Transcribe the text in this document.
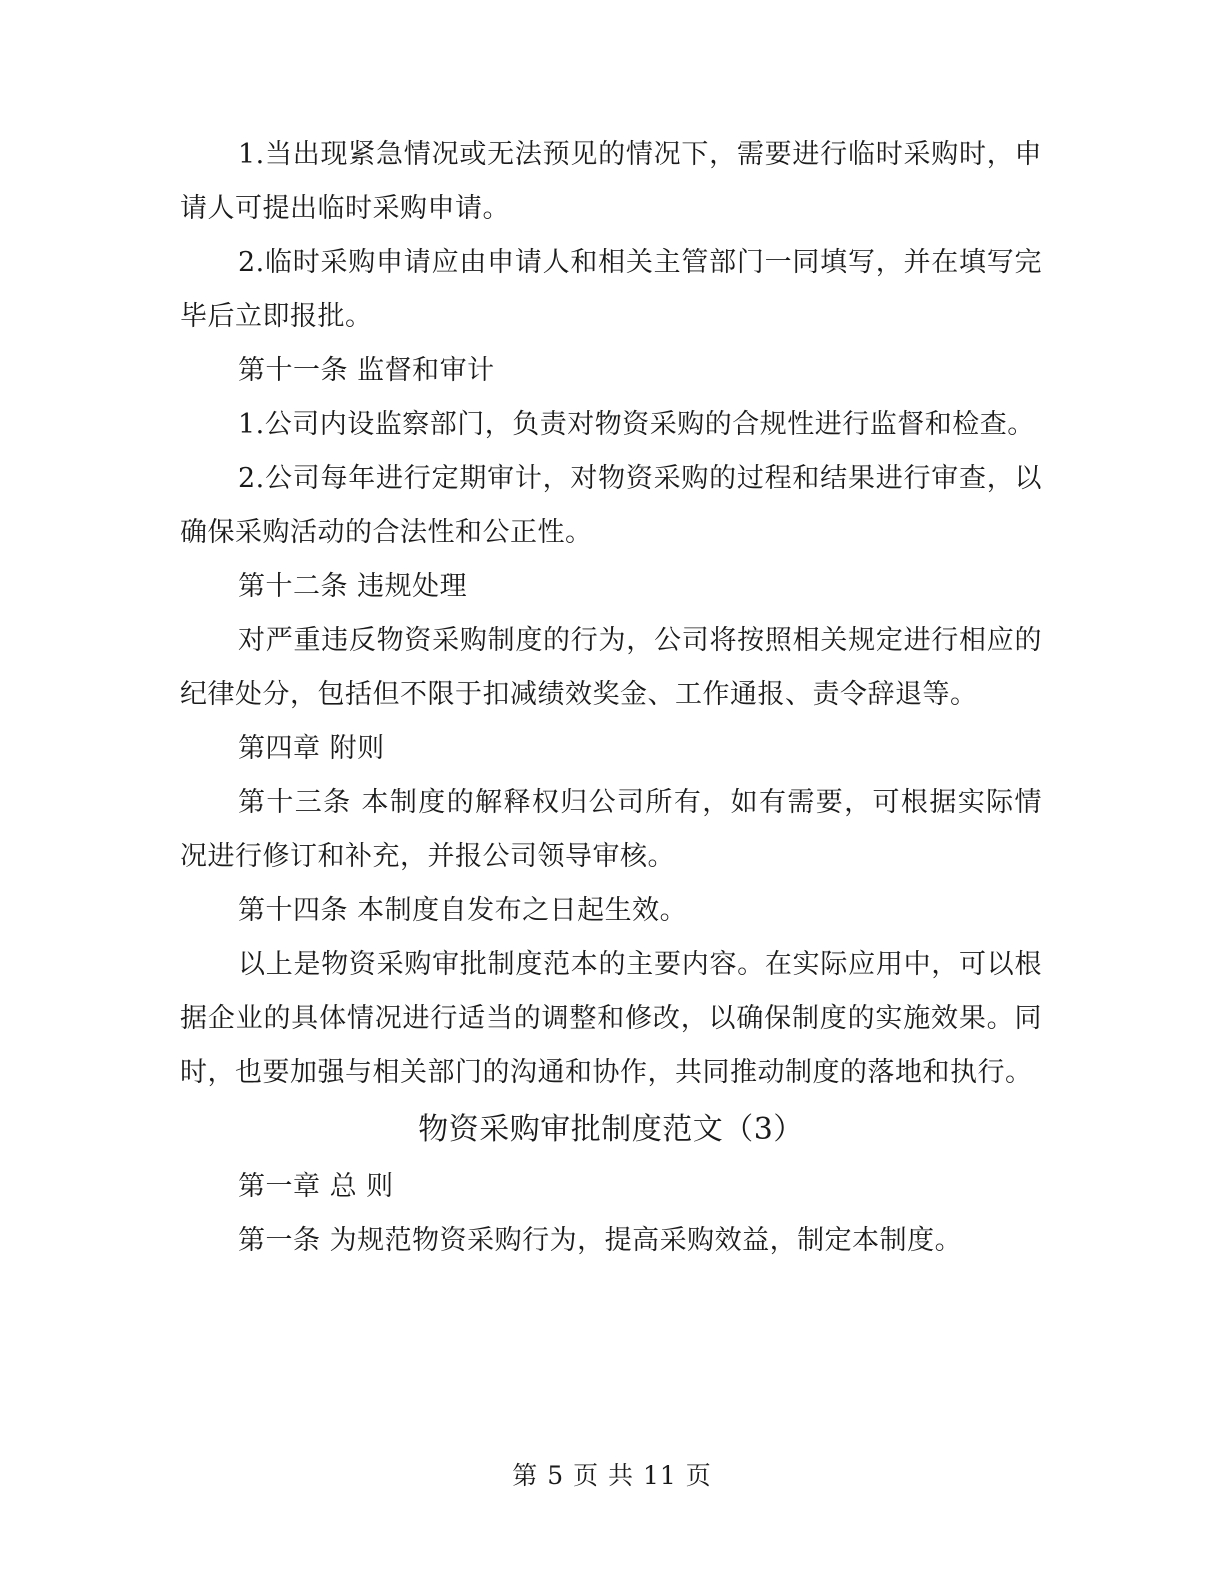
1.当出现紧急情况或无法预见的情况下，需要进行临时采购时，申请人可提出临时采购申请。

2.临时采购申请应由申请人和相关主管部门一同填写，并在填写完毕后立即报批。

第十一条 监督和审计

1.公司内设监察部门，负责对物资采购的合规性进行监督和检查。

2.公司每年进行定期审计，对物资采购的过程和结果进行审查，以确保采购活动的合法性和公正性。

第十二条 违规处理

对严重违反物资采购制度的行为，公司将按照相关规定进行相应的纪律处分，包括但不限于扣减绩效奖金、工作通报、责令辞退等。

第四章 附则

第十三条 本制度的解释权归公司所有，如有需要，可根据实际情况进行修订和补充，并报公司领导审核。

第十四条 本制度自发布之日起生效。

以上是物资采购审批制度范本的主要内容。在实际应用中，可以根据企业的具体情况进行适当的调整和修改，以确保制度的实施效果。同时，也要加强与相关部门的沟通和协作，共同推动制度的落地和执行。

物资采购审批制度范文（3）

第一章 总 则

第一条 为规范物资采购行为，提高采购效益，制定本制度。

第 5 页 共 11 页
